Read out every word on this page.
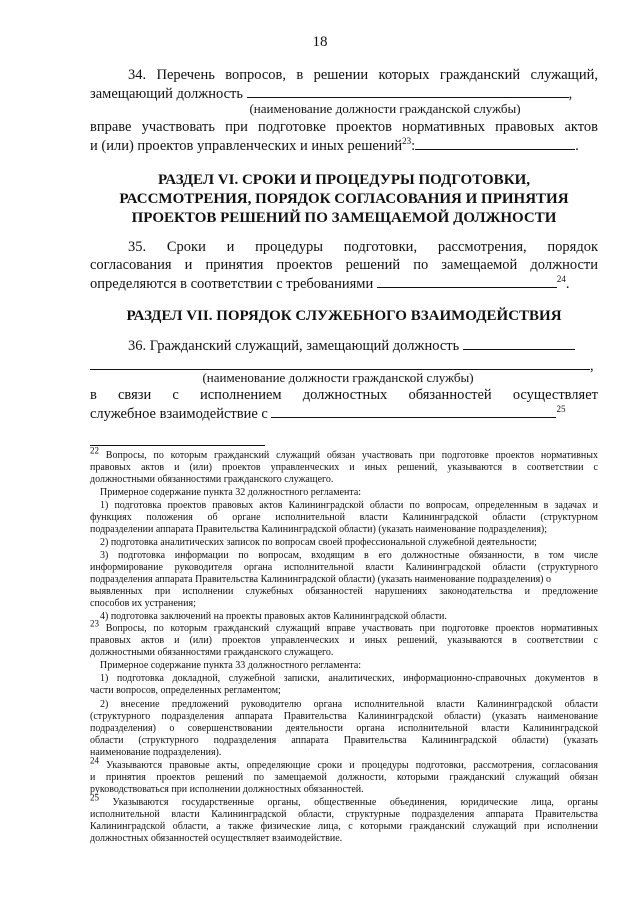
18
34. Перечень вопросов, в решении которых гражданский служащий,
замещающий должность	,
(наименование должности гражданской службы)
вправе участвовать при подготовке проектов нормативных правовых актов
и (или) проектов управленческих и иных решений$^{23}$:	.
РАЗДЕЛ VI. СРОКИ И ПРОЦЕДУРЫ ПОДГОТОВКИ,
РАССМОТРЕНИЯ, ПОРЯДОК СОГЛАСОВАНИЯ И ПРИНЯТИЯ
ПРОЕКТОВ РЕШЕНИЙ ПО ЗАМЕЩАЕМОЙ ДОЛЖНОСТИ
35. Сроки и процедуры подготовки, рассмотрения, порядок
согласования и принятия проектов решений по замещаемой должности
определяются в соответствии с требованиями	$^{24}$.
РАЗДЕЛ VII. ПОРЯДОК СЛУЖЕБНОГО ВЗАИМОДЕЙСТВИЯ
36. Гражданский служащий, замещающий должность
,
(наименование должности гражданской службы)
в связи с исполнением должностных обязанностей осуществляет
служебное взаимодействие с	$^{25}$
$^{22}$ Вопросы, по которым гражданский служащий обязан участвовать при подготовке проектов нормативных
правовых актов и (или) проектов управленческих и иных решений, указываются в соответствии с
должностными обязанностями гражданского служащего.
Примерное содержание пункта 32 должностного регламента:
1) подготовка проектов правовых актов Калининградской области по вопросам, определенным в задачах и
функциях положения об органе исполнительной власти Калининградской области (структурном
подразделении аппарата Правительства Калининградской области) (указать наименование подразделения);
2) подготовка аналитических записок по вопросам своей профессиональной служебной деятельности;
3) подготовка информации по вопросам, входящим в его должностные обязанности, в том числе
информирование руководителя органа исполнительной власти Калининградской области (структурного
подразделения аппарата Правительства Калининградской области) (указать наименование подразделения) о
выявленных при исполнении служебных обязанностей нарушениях законодательства и предложение
способов их устранения;
4) подготовка заключений на проекты правовых актов Калининградской области.
$^{23}$ Вопросы, по которым гражданский служащий вправе участвовать при подготовке проектов нормативных
правовых актов и (или) проектов управленческих и иных решений, указываются в соответствии с
должностными обязанностями гражданского служащего.
Примерное содержание пункта 33 должностного регламента:
1) подготовка докладной, служебной записки, аналитических, информационно-справочных документов в
части вопросов, определенных регламентом;
2) внесение предложений руководителю органа исполнительной власти Калининградской области
(структурного подразделения аппарата Правительства Калининградской области) (указать наименование
подразделения) о совершенствовании деятельности органа исполнительной власти Калининградской
области (структурного подразделения аппарата Правительства Калининградской области) (указать
наименование подразделения).
$^{24}$ Указываются правовые акты, определяющие сроки и процедуры подготовки, рассмотрения, согласования
и принятия проектов решений по замещаемой должности, которыми гражданский служащий обязан
руководствоваться при исполнении должностных обязанностей.
$^{25}$ Указываются государственные органы, общественные объединения, юридические лица, органы
исполнительной власти Калининградской области, структурные подразделения аппарата Правительства
Калининградской области, а также физические лица, с которыми гражданский служащий при исполнении
должностных обязанностей осуществляет взаимодействие.
